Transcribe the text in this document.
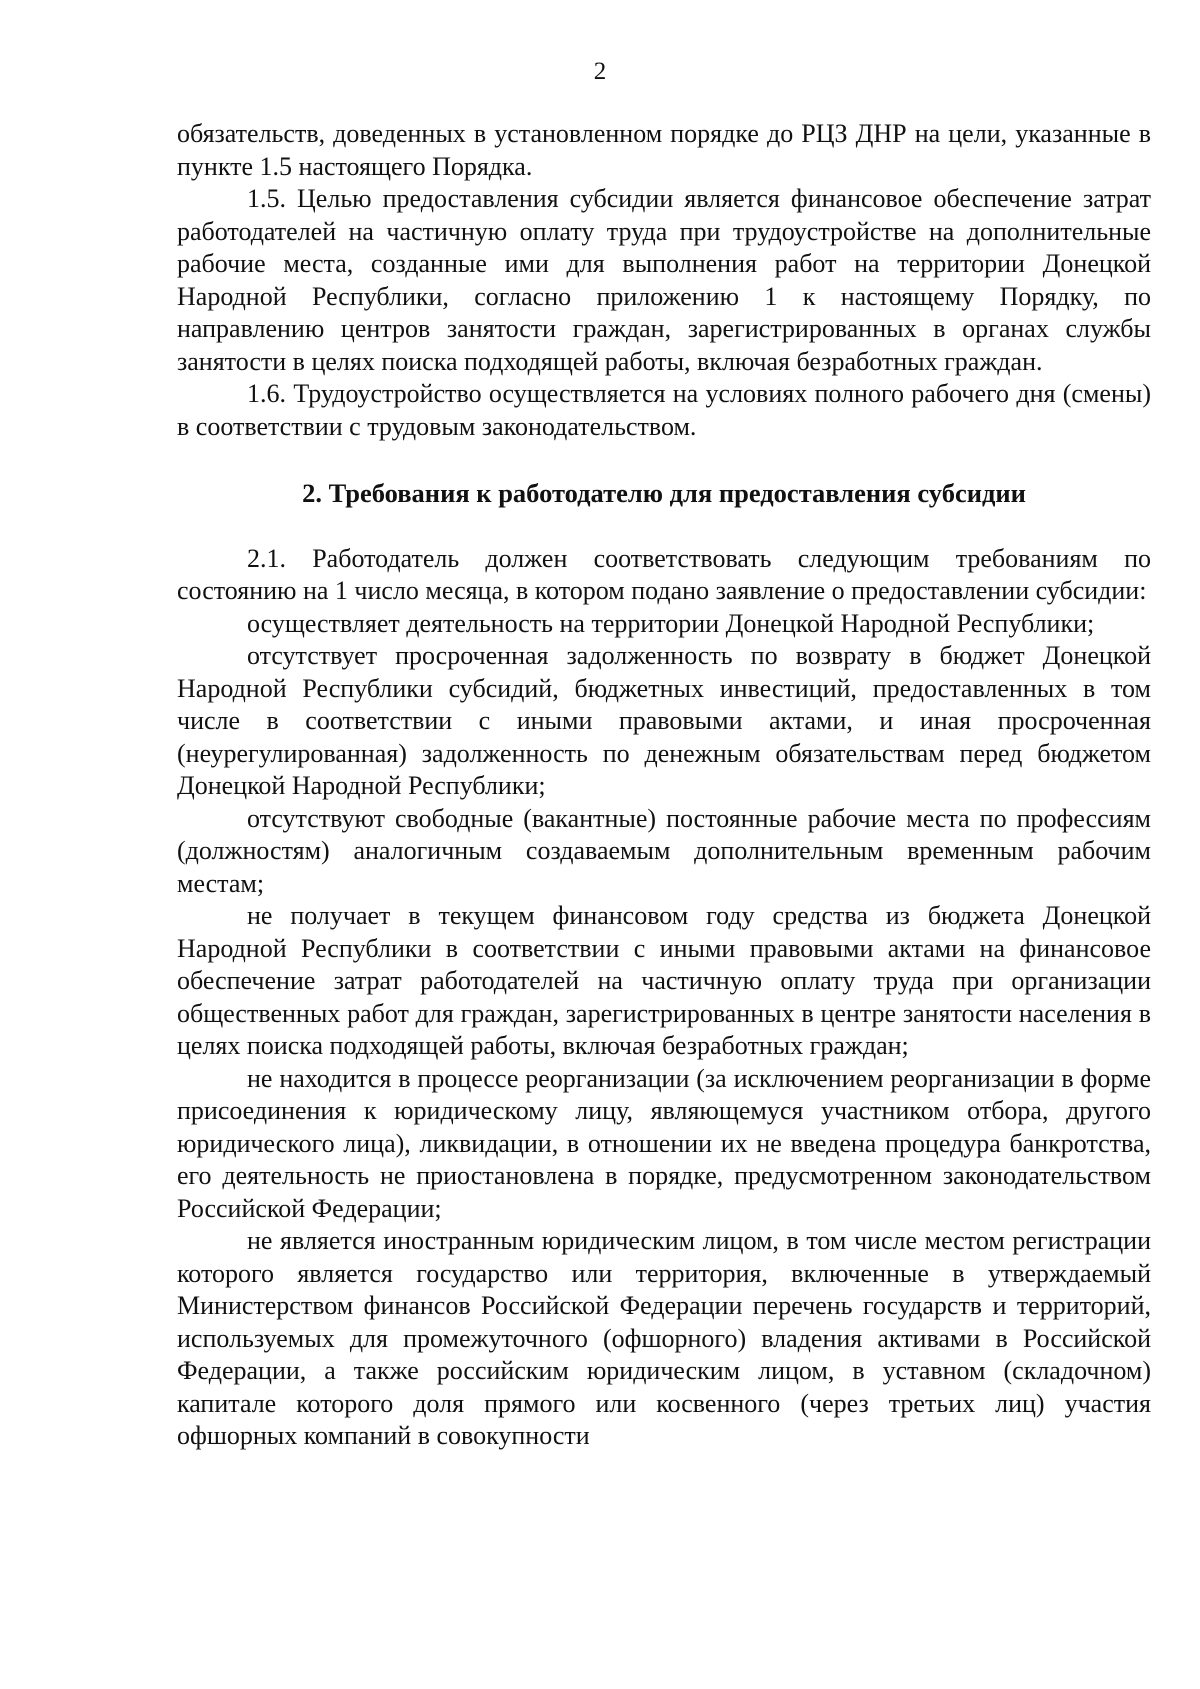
2

обязательств, доведенных в установленном порядке до РЦЗ ДНР на цели, указанные в пункте 1.5 настоящего Порядка.

1.5. Целью предоставления субсидии является финансовое обеспечение затрат работодателей на частичную оплату труда при трудоустройстве на дополнительные рабочие места, созданные ими для выполнения работ на территории Донецкой Народной Республики, согласно приложению 1 к настоящему Порядку, по направлению центров занятости граждан, зарегистрированных в органах службы занятости в целях поиска подходящей работы, включая безработных граждан.

1.6. Трудоустройство осуществляется на условиях полного рабочего дня (смены) в соответствии с трудовым законодательством.

2. Требования к работодателю для предоставления субсидии

2.1. Работодатель должен соответствовать следующим требованиям по состоянию на 1 число месяца, в котором подано заявление о предоставлении субсидии:

осуществляет деятельность на территории Донецкой Народной Республики;

отсутствует просроченная задолженность по возврату в бюджет Донецкой Народной Республики субсидий, бюджетных инвестиций, предоставленных в том числе в соответствии с иными правовыми актами, и иная просроченная (неурегулированная) задолженность по денежным обязательствам перед бюджетом Донецкой Народной Республики;

отсутствуют свободные (вакантные) постоянные рабочие места по профессиям (должностям) аналогичным создаваемым дополнительным временным рабочим местам;

не получает в текущем финансовом году средства из бюджета Донецкой Народной Республики в соответствии с иными правовыми актами на финансовое обеспечение затрат работодателей на частичную оплату труда при организации общественных работ для граждан, зарегистрированных в центре занятости населения в целях поиска подходящей работы, включая безработных граждан;

не находится в процессе реорганизации (за исключением реорганизации в форме присоединения к юридическому лицу, являющемуся участником отбора, другого юридического лица), ликвидации, в отношении их не введена процедура банкротства, его деятельность не приостановлена в порядке, предусмотренном законодательством Российской Федерации;

не является иностранным юридическим лицом, в том числе местом регистрации которого является государство или территория, включенные в утверждаемый Министерством финансов Российской Федерации перечень государств и территорий, используемых для промежуточного (офшорного) владения активами в Российской Федерации, а также российским юридическим лицом, в уставном (складочном) капитале которого доля прямого или косвенного (через третьих лиц) участия офшорных компаний в совокупности
